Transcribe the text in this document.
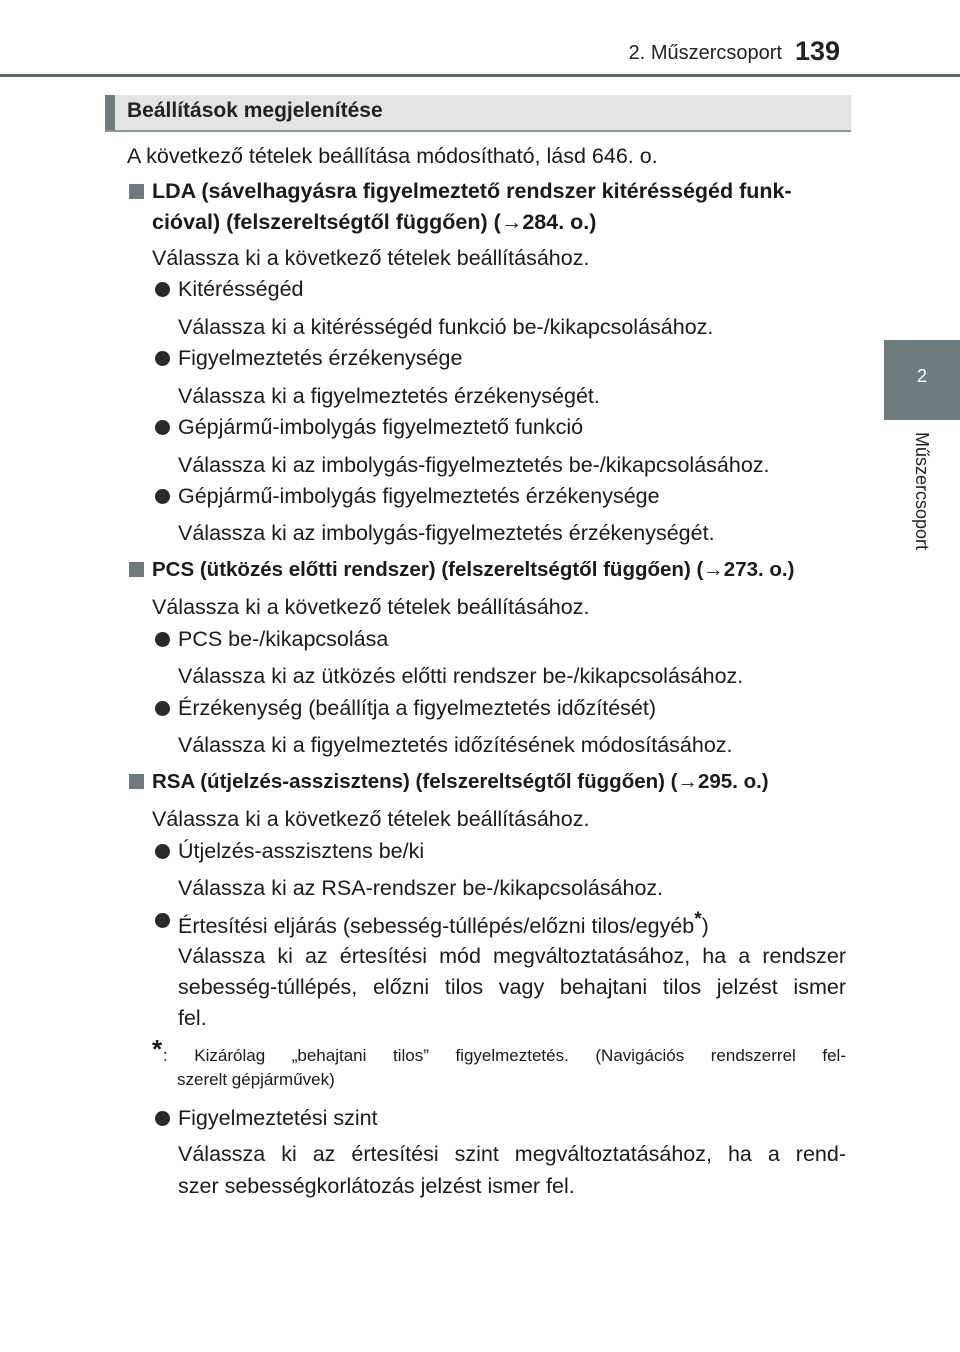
2. Műszercsoport 139
2
Műszercsoport
Beállítások megjelenítése
A következő tételek beállítása módosítható, lásd 646. o.
LDA (sávelhagyásra figyelmeztető rendszer kitérésségéd funk-
cióval) (felszereltségtől függően) (→284. o.)
Válassza ki a következő tételek beállításához.
Kitérésségéd
Válassza ki a kitérésségéd funkció be-/kikapcsolásához.
Figyelmeztetés érzékenysége
Válassza ki a figyelmeztetés érzékenységét.
Gépjármű-imbolygás figyelmeztető funkció
Válassza ki az imbolygás-figyelmeztetés be-/kikapcsolásához.
Gépjármű-imbolygás figyelmeztetés érzékenysége
Válassza ki az imbolygás-figyelmeztetés érzékenységét.
PCS (ütközés előtti rendszer) (felszereltségtől függően) (→273. o.)
Válassza ki a következő tételek beállításához.
PCS be-/kikapcsolása
Válassza ki az ütközés előtti rendszer be-/kikapcsolásához.
Érzékenység (beállítja a figyelmeztetés időzítését)
Válassza ki a figyelmeztetés időzítésének módosításához.
RSA (útjelzés-asszisztens) (felszereltségtől függően) (→295. o.)
Válassza ki a következő tételek beállításához.
Útjelzés-asszisztens be/ki
Válassza ki az RSA-rendszer be-/kikapcsolásához.
Értesítési eljárás (sebesség-túllépés/előzni tilos/egyéb*)
Válassza ki az értesítési mód megváltoztatásához, ha a rendszer
sebesség-túllépés, előzni tilos vagy behajtani tilos jelzést ismer
fel.
* : Kizárólag „behajtani tilos” figyelmeztetés. (Navigációs rendszerrel fel-
szerelt gépjárművek)
Figyelmeztetési szint
Válassza ki az értesítési szint megváltoztatásához, ha a rend-
szer sebességkorlátozás jelzést ismer fel.
